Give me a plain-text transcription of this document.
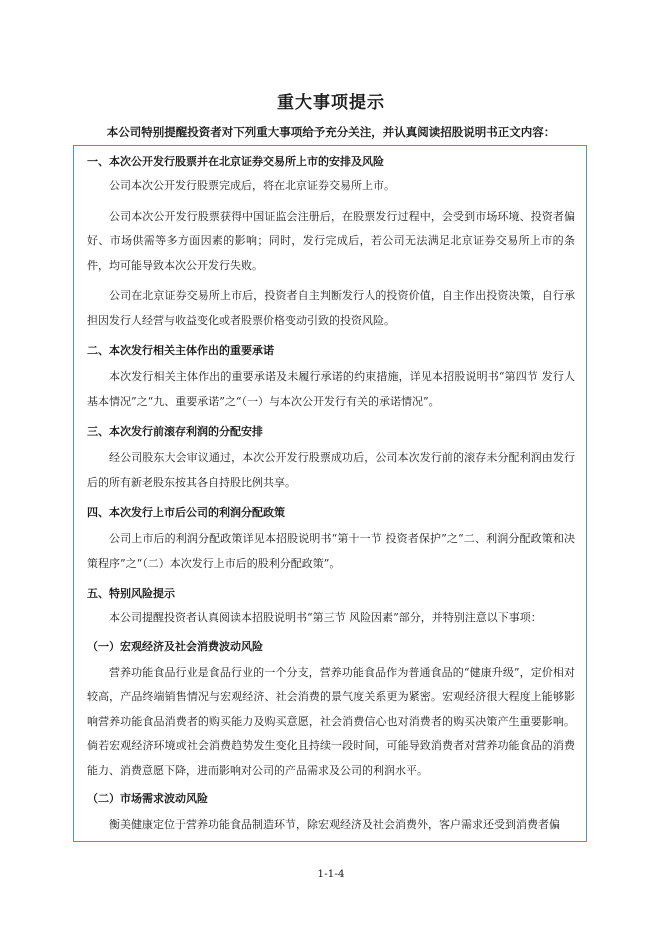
重大事项提示
本公司特别提醒投资者对下列重大事项给予充分关注，并认真阅读招股说明书正文内容：
一、本次公开发行股票并在北京证券交易所上市的安排及风险
公司本次公开发行股票完成后，将在北京证券交易所上市。
公司本次公开发行股票获得中国证监会注册后，在股票发行过程中，会受到市场环境、投资者偏好、市场供需等多方面因素的影响；同时，发行完成后，若公司无法满足北京证券交易所上市的条件，均可能导致本次公开发行失败。
公司在北京证券交易所上市后，投资者自主判断发行人的投资价值，自主作出投资决策，自行承担因发行人经营与收益变化或者股票价格变动引致的投资风险。
二、本次发行相关主体作出的重要承诺
本次发行相关主体作出的重要承诺及未履行承诺的约束措施，详见本招股说明书“第四节 发行人基本情况”之“九、重要承诺”之“（一）与本次公开发行有关的承诺情况”。
三、本次发行前滚存利润的分配安排
经公司股东大会审议通过，本次公开发行股票成功后，公司本次发行前的滚存未分配利润由发行后的所有新老股东按其各自持股比例共享。
四、本次发行上市后公司的利润分配政策
公司上市后的利润分配政策详见本招股说明书“第十一节 投资者保护”之“二、利润分配政策和决策程序”之“（二）本次发行上市后的股利分配政策”。
五、特别风险提示
本公司提醒投资者认真阅读本招股说明书“第三节 风险因素”部分，并特别注意以下事项：
（一）宏观经济及社会消费波动风险
营养功能食品行业是食品行业的一个分支，营养功能食品作为普通食品的“健康升级”，定价相对较高，产品终端销售情况与宏观经济、社会消费的景气度关系更为紧密。宏观经济很大程度上能够影响营养功能食品消费者的购买能力及购买意愿，社会消费信心也对消费者的购买决策产生重要影响。倘若宏观经济环境或社会消费趋势发生变化且持续一段时间，可能导致消费者对营养功能食品的消费能力、消费意愿下降，进而影响对公司的产品需求及公司的利润水平。
（二）市场需求波动风险
衡美健康定位于营养功能食品制造环节，除宏观经济及社会消费外，客户需求还受到消费者偏
1-1-4
